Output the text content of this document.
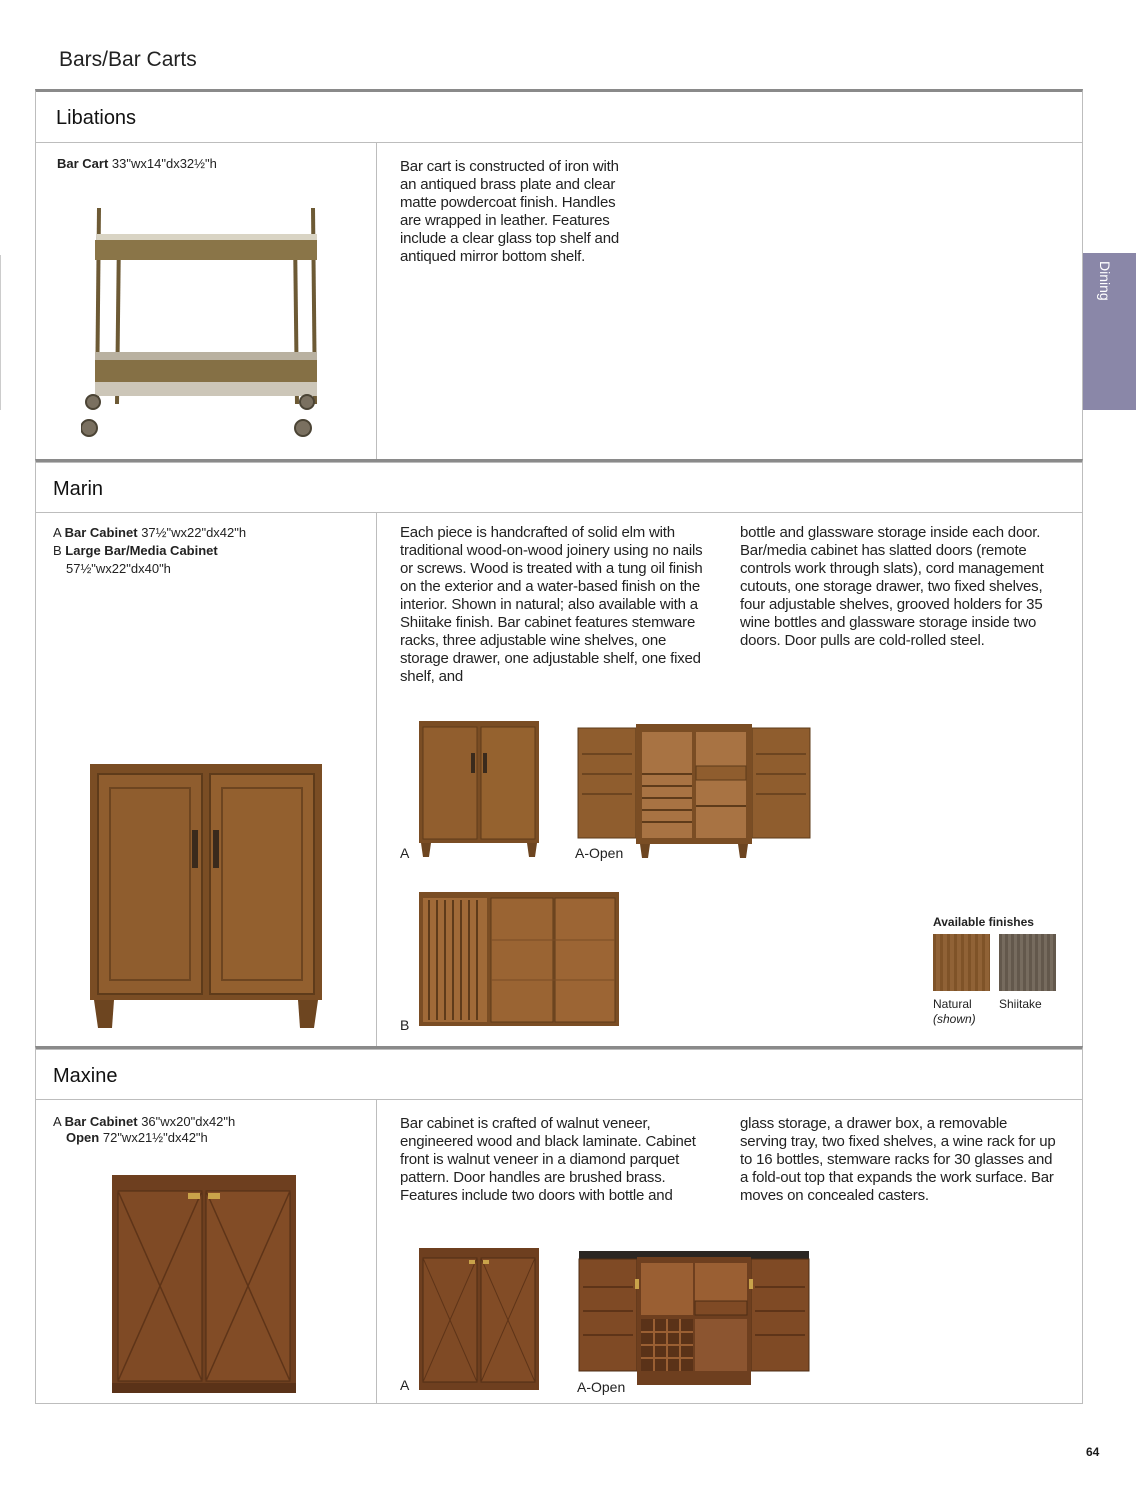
Bars/Bar Carts
Dining
Libations
Bar Cart 33"wx14"dx32½"h	Bar cart is constructed of iron with an antiqued brass plate and clear matte powdercoat finish. Handles are wrapped in leather. Features include a clear glass top shelf and antiqued mirror bottom shelf.
Marin
A Bar Cabinet 37½"wx22"dx42"h
B Large Bar/Media Cabinet
57½"wx22"dx40"h
Each piece is handcrafted of solid elm with traditional wood-on-wood joinery using no nails or screws. Wood is treated with a tung oil finish on the exterior and a water-based finish on the interior. Shown in natural; also available with a Shiitake finish. Bar cabinet features stemware racks, three adjustable wine shelves, one storage drawer, one adjustable shelf, one fixed shelf, and
bottle and glassware storage inside each door. Bar/media cabinet has slatted doors (remote controls work through slats), cord management cutouts, one storage drawer, two fixed shelves, four adjustable shelves, grooved holders for 35 wine bottles and glassware storage inside two doors. Door pulls are cold-rolled steel.
A	A-Open
B
Available finishes
Natural
(shown)
Shiitake
Maxine
A Bar Cabinet 36"wx20"dx42"h
Open 72"wx21½"dx42"h
Bar cabinet is crafted of walnut veneer, engineered wood and black laminate. Cabinet front is walnut veneer in a diamond parquet pattern. Door handles are brushed brass. Features include two doors with bottle and
glass storage, a drawer box, a removable serving tray, two fixed shelves, a wine rack for up to 16 bottles, stemware racks for 30 glasses and a fold-out top that expands the work surface. Bar moves on concealed casters.
A	A-Open
64
